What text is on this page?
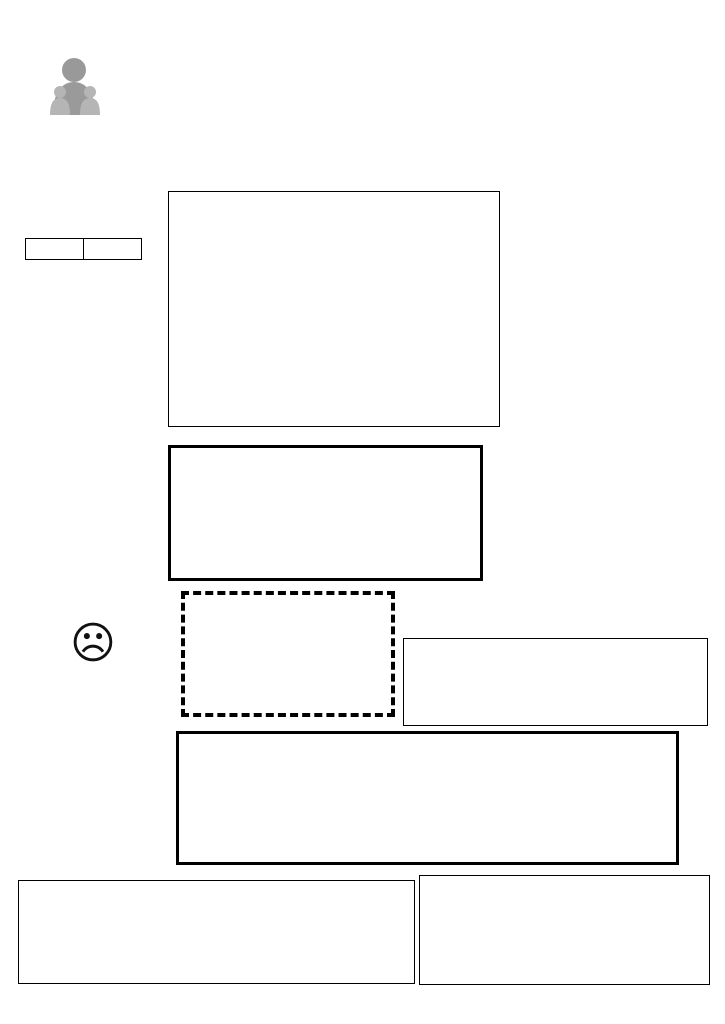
☹
